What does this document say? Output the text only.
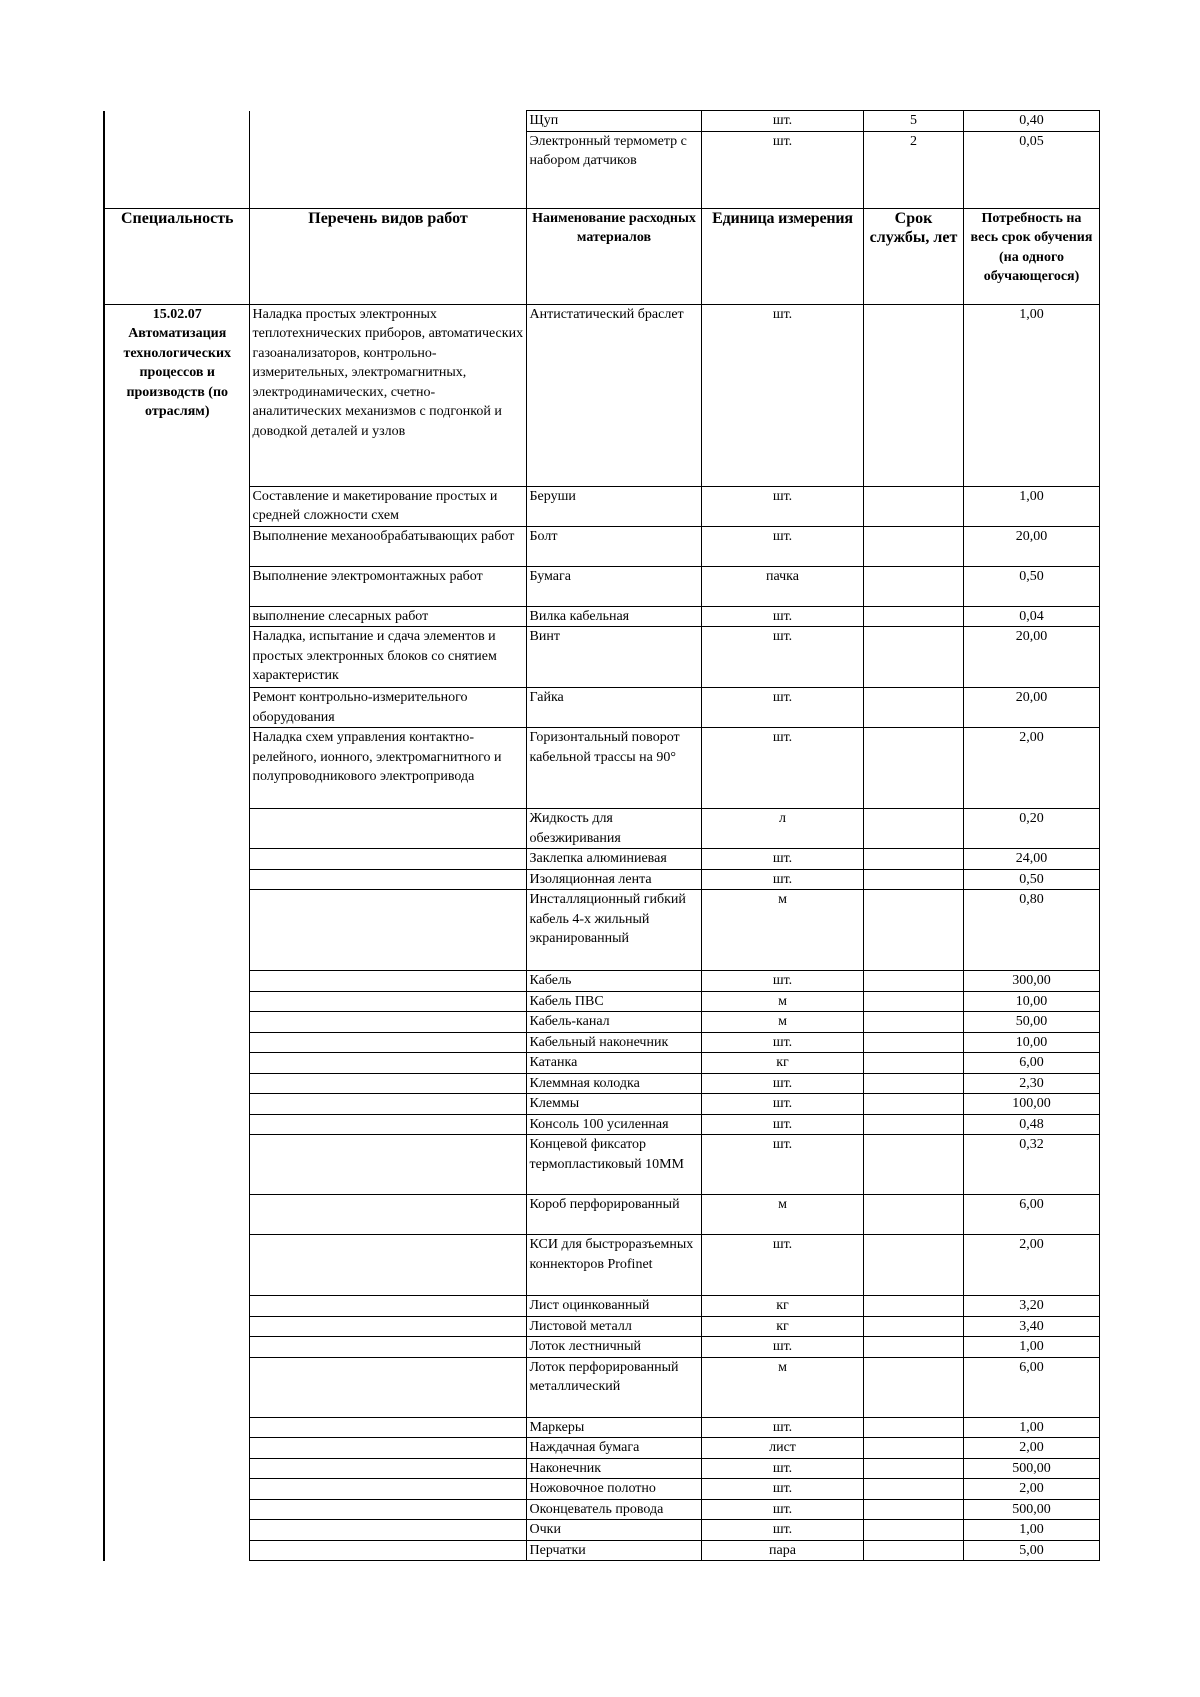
		Щуп	шт.	5	0,40
		Электронный термометр с набором датчиков	шт.	2	0,05
Специальность	Перечень видов работ	Наименование расходных материалов	Единица измерения	Срок службы, лет	Потребность на весь срок обучения (на одного обучающегося)

15.02.07
Автоматизация технологических процессов и производств (по отраслям)	Наладка простых электронных теплотехнических приборов, автоматических газоанализаторов, контрольно-измерительных, электромагнитных, электродинамических, счетно-аналитических механизмов с подгонкой и доводкой деталей и узлов	Антистатический браслет	шт.		1,00
	Составление и макетирование простых и средней сложности схем	Беруши	шт.		1,00
	Выполнение механообрабатывающих работ	Болт	шт.		20,00
	Выполнение электромонтажных работ	Бумага	пачка		0,50
	выполнение слесарных работ	Вилка кабельная	шт.		0,04
	Наладка, испытание и сдача элементов и простых электронных блоков со снятием характеристик	Винт	шт.		20,00
	Ремонт контрольно-измерительного оборудования	Гайка	шт.		20,00
	Наладка схем управления контактно-релейного, ионного, электромагнитного и полупроводникового электропривода	Горизонтальный поворот кабельной трассы на 90°	шт.		2,00
		Жидкость для обезжиривания	л		0,20
		Заклепка алюминиевая	шт.		24,00
		Изоляционная лента	шт.		0,50
		Инсталляционный гибкий кабель 4-х жильный экранированный	м		0,80
		Кабель	шт.		300,00
		Кабель ПВС	м		10,00
		Кабель-канал	м		50,00
		Кабельный наконечник	шт.		10,00
		Катанка	кг		6,00
		Клеммная колодка	шт.		2,30
		Клеммы	шт.		100,00
		Консоль 100 усиленная	шт.		0,48
		Концевой фиксатор термопластиковый 10ММ	шт.		0,32
		Короб перфорированный	м		6,00
		КСИ для быстроразъемных коннекторов Profinet	шт.		2,00
		Лист оцинкованный	кг		3,20
		Листовой металл	кг		3,40
		Лоток лестничный	шт.		1,00
		Лоток перфорированный металлический	м		6,00
		Маркеры	шт.		1,00
		Наждачная бумага	лист		2,00
		Наконечник	шт.		500,00
		Ножовочное полотно	шт.		2,00
		Оконцеватель провода	шт.		500,00
		Очки	шт.		1,00
		Перчатки	пара		5,00
